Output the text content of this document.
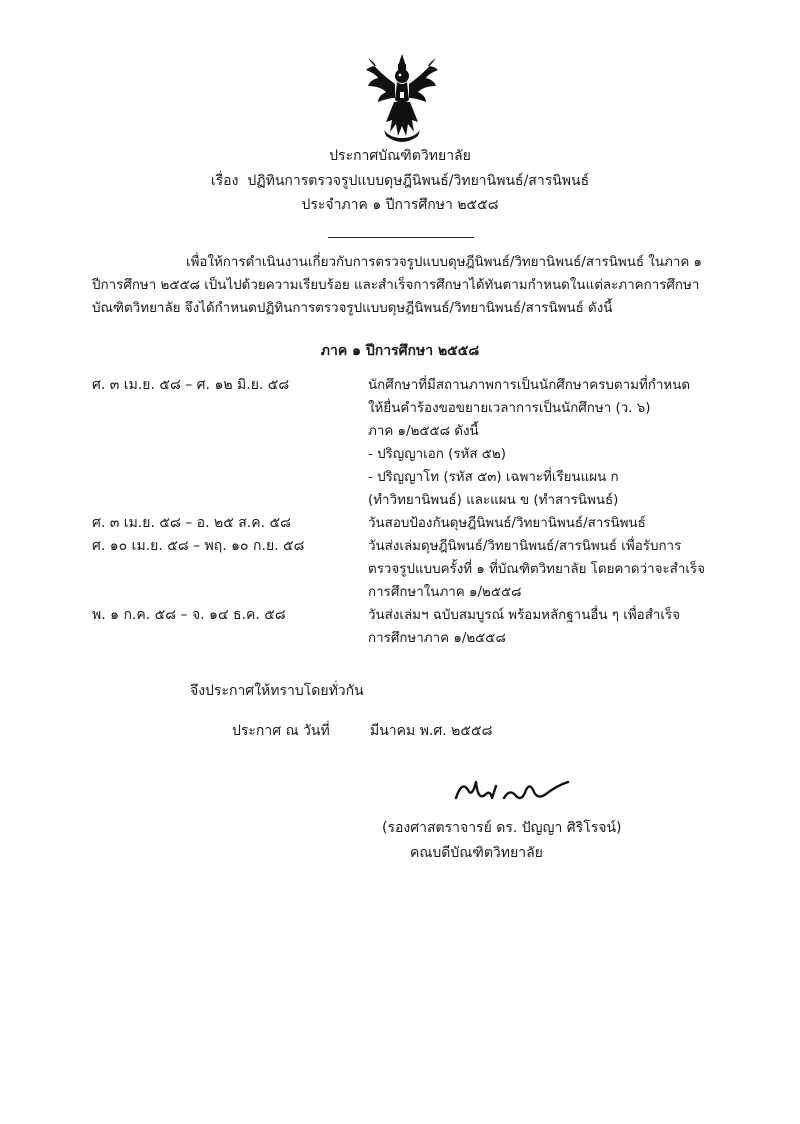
ประกาศบัณฑิตวิทยาลัย
เรื่อง ปฏิทินการตรวจรูปแบบดุษฎีนิพนธ์/วิทยานิพนธ์/สารนิพนธ์
ประจำภาค ๑ ปีการศึกษา ๒๕๕๘

เพื่อให้การดำเนินงานเกี่ยวกับการตรวจรูปแบบดุษฎีนิพนธ์/วิทยานิพนธ์/สารนิพนธ์ ในภาค ๑

ปีการศึกษา ๒๕๕๘ เป็นไปด้วยความเรียบร้อย และสำเร็จการศึกษาได้ทันตามกำหนดในแต่ละภาคการศึกษา

บัณฑิตวิทยาลัย จึงได้กำหนดปฏิทินการตรวจรูปแบบดุษฎีนิพนธ์/วิทยานิพนธ์/สารนิพนธ์ ดังนี้

ภาค ๑ ปีการศึกษา ๒๕๕๘
ศ. ๓ เม.ย. ๕๘ – ศ. ๑๒ มิ.ย. ๕๘	นักศึกษาที่มีสถานภาพการเป็นนักศึกษาครบตามที่กำหนด
ให้ยื่นคำร้องขอขยายเวลาการเป็นนักศึกษา (ว. ๖)
ภาค ๑/๒๕๕๘ ดังนี้
- ปริญญาเอก (รหัส ๕๒)
- ปริญญาโท (รหัส ๕๓) เฉพาะที่เรียนแผน ก
(ทำวิทยานิพนธ์) และแผน ข (ทำสารนิพนธ์)
ศ. ๓ เม.ย. ๕๘ – อ. ๒๕ ส.ค. ๕๘	วันสอบป้องกันดุษฎีนิพนธ์/วิทยานิพนธ์/สารนิพนธ์
ศ. ๑๐ เม.ย. ๕๘ – พฤ. ๑๐ ก.ย. ๕๘	วันส่งเล่มดุษฎีนิพนธ์/วิทยานิพนธ์/สารนิพนธ์ เพื่อรับการ
ตรวจรูปแบบครั้งที่ ๑ ที่บัณฑิตวิทยาลัย โดยคาดว่าจะสำเร็จ
การศึกษาในภาค ๑/๒๕๕๘
พ. ๑ ก.ค. ๕๘ – จ. ๑๔ ธ.ค. ๕๘	วันส่งเล่มฯ ฉบับสมบูรณ์ พร้อมหลักฐานอื่น ๆ เพื่อสำเร็จ
การศึกษาภาค ๑/๒๕๕๘
จึงประกาศให้ทราบโดยทั่วกัน
ประกาศ ณ วันที่	มีนาคม พ.ศ. ๒๕๕๘
(รองศาสตราจารย์ ดร. ปัญญา ศิริโรจน์)
คณบดีบัณฑิตวิทยาลัย
